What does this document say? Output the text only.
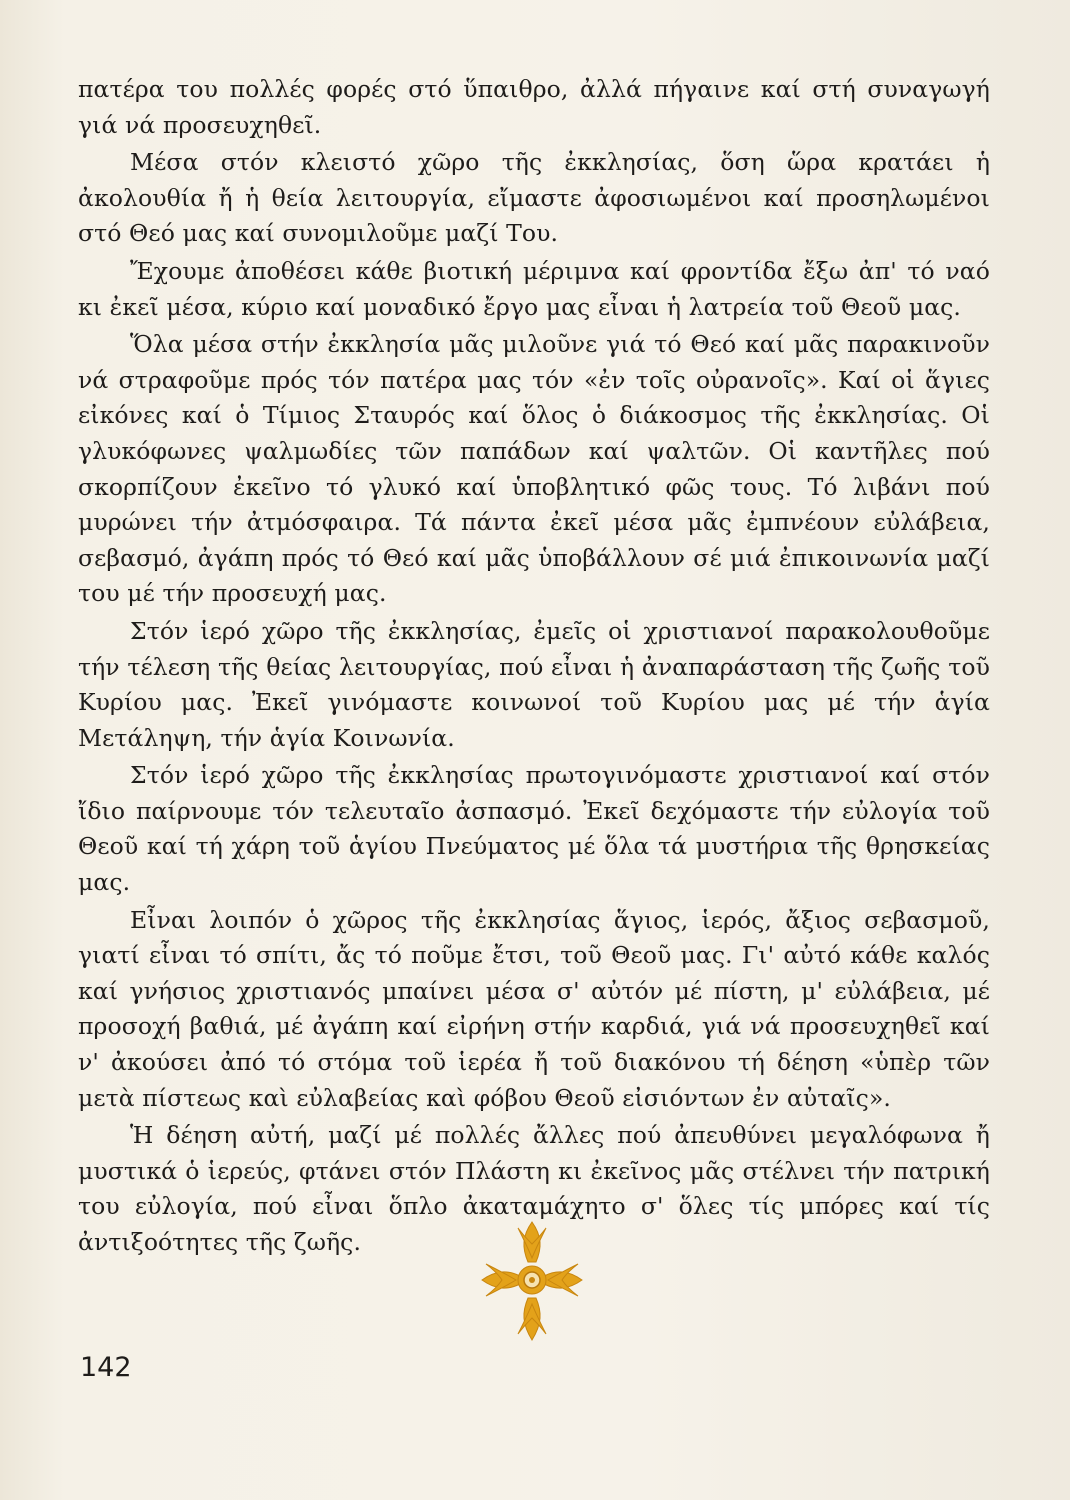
πατέρα του πολλές φορές στό ὕπαιθρο, ἀλλά πήγαινε καί στή συναγωγή γιά νά προσευχηθεῖ.

Μέσα στόν κλειστό χῶρο τῆς ἐκκλησίας, ὅση ὥρα κρατάει ἡ ἀκολουθία ἤ ἡ θεία λειτουργία, εἴμαστε ἀφοσιωμένοι καί προσηλωμένοι στό Θεό μας καί συνομιλοῦμε μαζί Του.

Ἔχουμε ἀποθέσει κάθε βιοτική μέριμνα καί φροντίδα ἔξω ἀπ' τό ναό κι ἐκεῖ μέσα, κύριο καί μοναδικό ἔργο μας εἶναι ἡ λατρεία τοῦ Θεοῦ μας.

Ὅλα μέσα στήν ἐκκλησία μᾶς μιλοῦνε γιά τό Θεό καί μᾶς παρακινοῦν νά στραφοῦμε πρός τόν πατέρα μας τόν «ἐν τοῖς οὐρανοῖς». Καί οἱ ἅγιες εἰκόνες καί ὁ Τίμιος Σταυρός καί ὅλος ὁ διάκοσμος τῆς ἐκκλησίας. Οἱ γλυκόφωνες ψαλμωδίες τῶν παπάδων καί ψαλτῶν. Οἱ καντῆλες πού σκορπίζουν ἐκεῖνο τό γλυκό καί ὑποβλητικό φῶς τους. Τό λιβάνι πού μυρώνει τήν ἀτμόσφαιρα. Τά πάντα ἐκεῖ μέσα μᾶς ἐμπνέουν εὐλάβεια, σεβασμό, ἀγάπη πρός τό Θεό καί μᾶς ὑποβάλλουν σέ μιά ἐπικοινωνία μαζί του μέ τήν προσευχή μας.

Στόν ἱερό χῶρο τῆς ἐκκλησίας, ἐμεῖς οἱ χριστιανοί παρακολουθοῦμε τήν τέλεση τῆς θείας λειτουργίας, πού εἶναι ἡ ἀναπαράσταση τῆς ζωῆς τοῦ Κυρίου μας. Ἐκεῖ γινόμαστε κοινωνοί τοῦ Κυρίου μας μέ τήν ἁγία Μετάληψη, τήν ἁγία Κοινωνία.

Στόν ἱερό χῶρο τῆς ἐκκλησίας πρωτογινόμαστε χριστιανοί καί στόν ἴδιο παίρνουμε τόν τελευταῖο ἀσπασμό. Ἐκεῖ δεχόμαστε τήν εὐλογία τοῦ Θεοῦ καί τή χάρη τοῦ ἁγίου Πνεύματος μέ ὅλα τά μυστήρια τῆς θρησκείας μας.

Εἶναι λοιπόν ὁ χῶρος τῆς ἐκκλησίας ἅγιος, ἱερός, ἄξιος σεβασμοῦ, γιατί εἶναι τό σπίτι, ἄς τό ποῦμε ἔτσι, τοῦ Θεοῦ μας. Γι' αὐτό κάθε καλός καί γνήσιος χριστιανός μπαίνει μέσα σ' αὐτόν μέ πίστη, μ' εὐλάβεια, μέ προσοχή βαθιά, μέ ἀγάπη καί εἰρήνη στήν καρδιά, γιά νά προσευχηθεῖ καί ν' ἀκούσει ἀπό τό στόμα τοῦ ἱερέα ἤ τοῦ διακόνου τή δέηση «ὑπὲρ τῶν μετὰ πίστεως καὶ εὐλαβείας καὶ φόβου Θεοῦ εἰσιόντων ἐν αὐταῖς».

Ἡ δέηση αὐτή, μαζί μέ πολλές ἄλλες πού ἀπευθύνει μεγαλόφωνα ἤ μυστικά ὁ ἱερεύς, φτάνει στόν Πλάστη κι ἐκεῖνος μᾶς στέλνει τήν πατρική του εὐλογία, πού εἶναι ὅπλο ἀκαταμάχητο σ' ὅλες τίς μπόρες καί τίς ἀντιξοότητες τῆς ζωῆς.

142
